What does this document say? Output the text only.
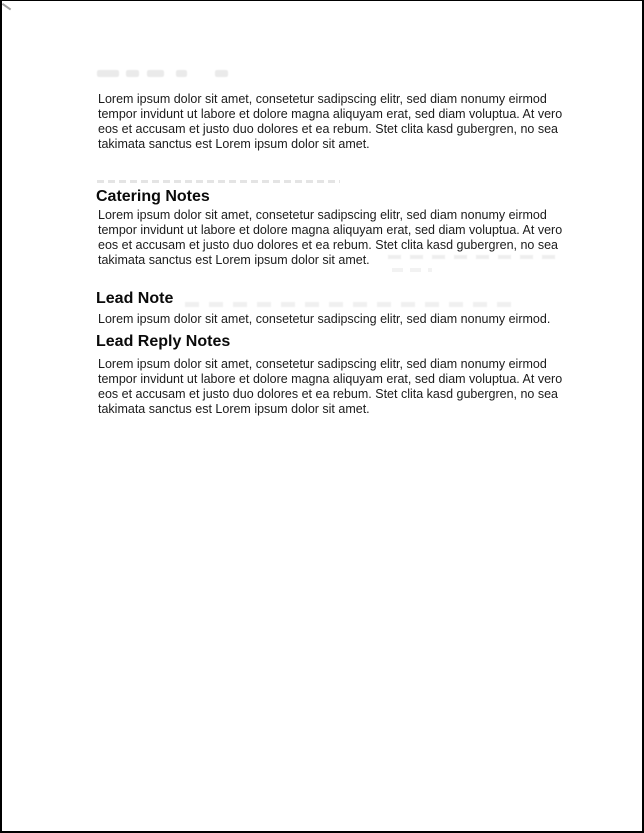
Lorem ipsum dolor sit amet, consetetur sadipscing elitr, sed diam nonumy eirmod
tempor invidunt ut labore et dolore magna aliquyam erat, sed diam voluptua. At vero
eos et accusam et justo duo dolores et ea rebum. Stet clita kasd gubergren, no sea
takimata sanctus est Lorem ipsum dolor sit amet.
Catering Notes
Lorem ipsum dolor sit amet, consetetur sadipscing elitr, sed diam nonumy eirmod
tempor invidunt ut labore et dolore magna aliquyam erat, sed diam voluptua. At vero
eos et accusam et justo duo dolores et ea rebum. Stet clita kasd gubergren, no sea
takimata sanctus est Lorem ipsum dolor sit amet.
Lead Note
Lorem ipsum dolor sit amet, consetetur sadipscing elitr, sed diam nonumy eirmod.
Lead Reply Notes
Lorem ipsum dolor sit amet, consetetur sadipscing elitr, sed diam nonumy eirmod
tempor invidunt ut labore et dolore magna aliquyam erat, sed diam voluptua. At vero
eos et accusam et justo duo dolores et ea rebum. Stet clita kasd gubergren, no sea
takimata sanctus est Lorem ipsum dolor sit amet.
